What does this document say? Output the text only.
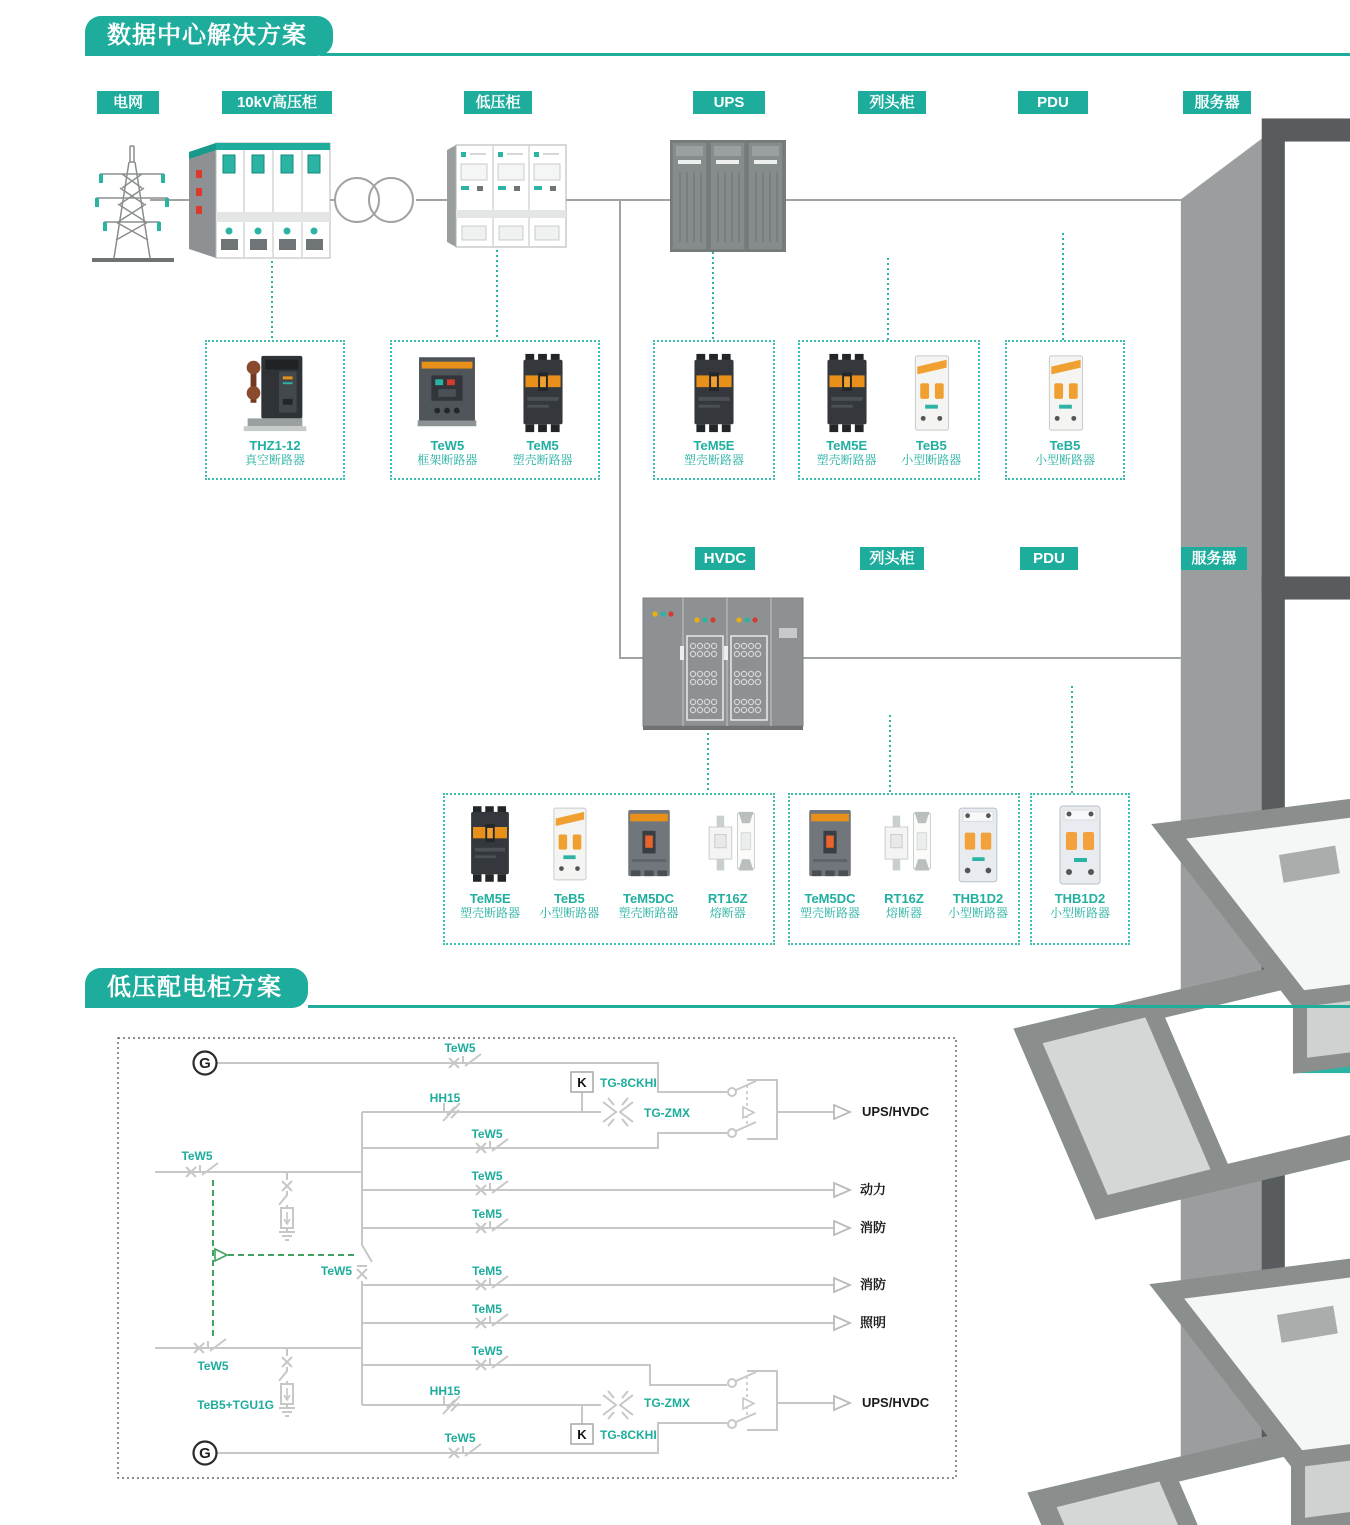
数据中心解决方案
低压配电柜方案
电网	10kV高压柜	低压柜	UPS	列头柜	PDU	服务器
HVDC	列头柜	PDU	服务器
THZ1-12
真空断路器
TeW5
框架断路器
TeM5
塑壳断路器
TeM5E
塑壳断路器
TeM5E
塑壳断路器
TeB5
小型断路器
TeB5
小型断路器
TeM5E
塑壳断路器
TeB5
小型断路器
TeM5DC
塑壳断路器
RT16Z
熔断器
TeM5DC
塑壳断路器
RT16Z
熔断器
THB1D2
小型断路器
THB1D2
小型断路器
G
G
K
K
TeW5
HH15
TG-8CKHI
TG-ZMX
TeW5
TeW5
TeW5
TeM5
TeW5	TeM5
TeM5
TeW5
TeW5
TeB5+TGU1G
HH15
TG-ZMX
TG-8CKHI
TeW5
UPS/HVDC
动力
消防
消防
照明
UPS/HVDC
